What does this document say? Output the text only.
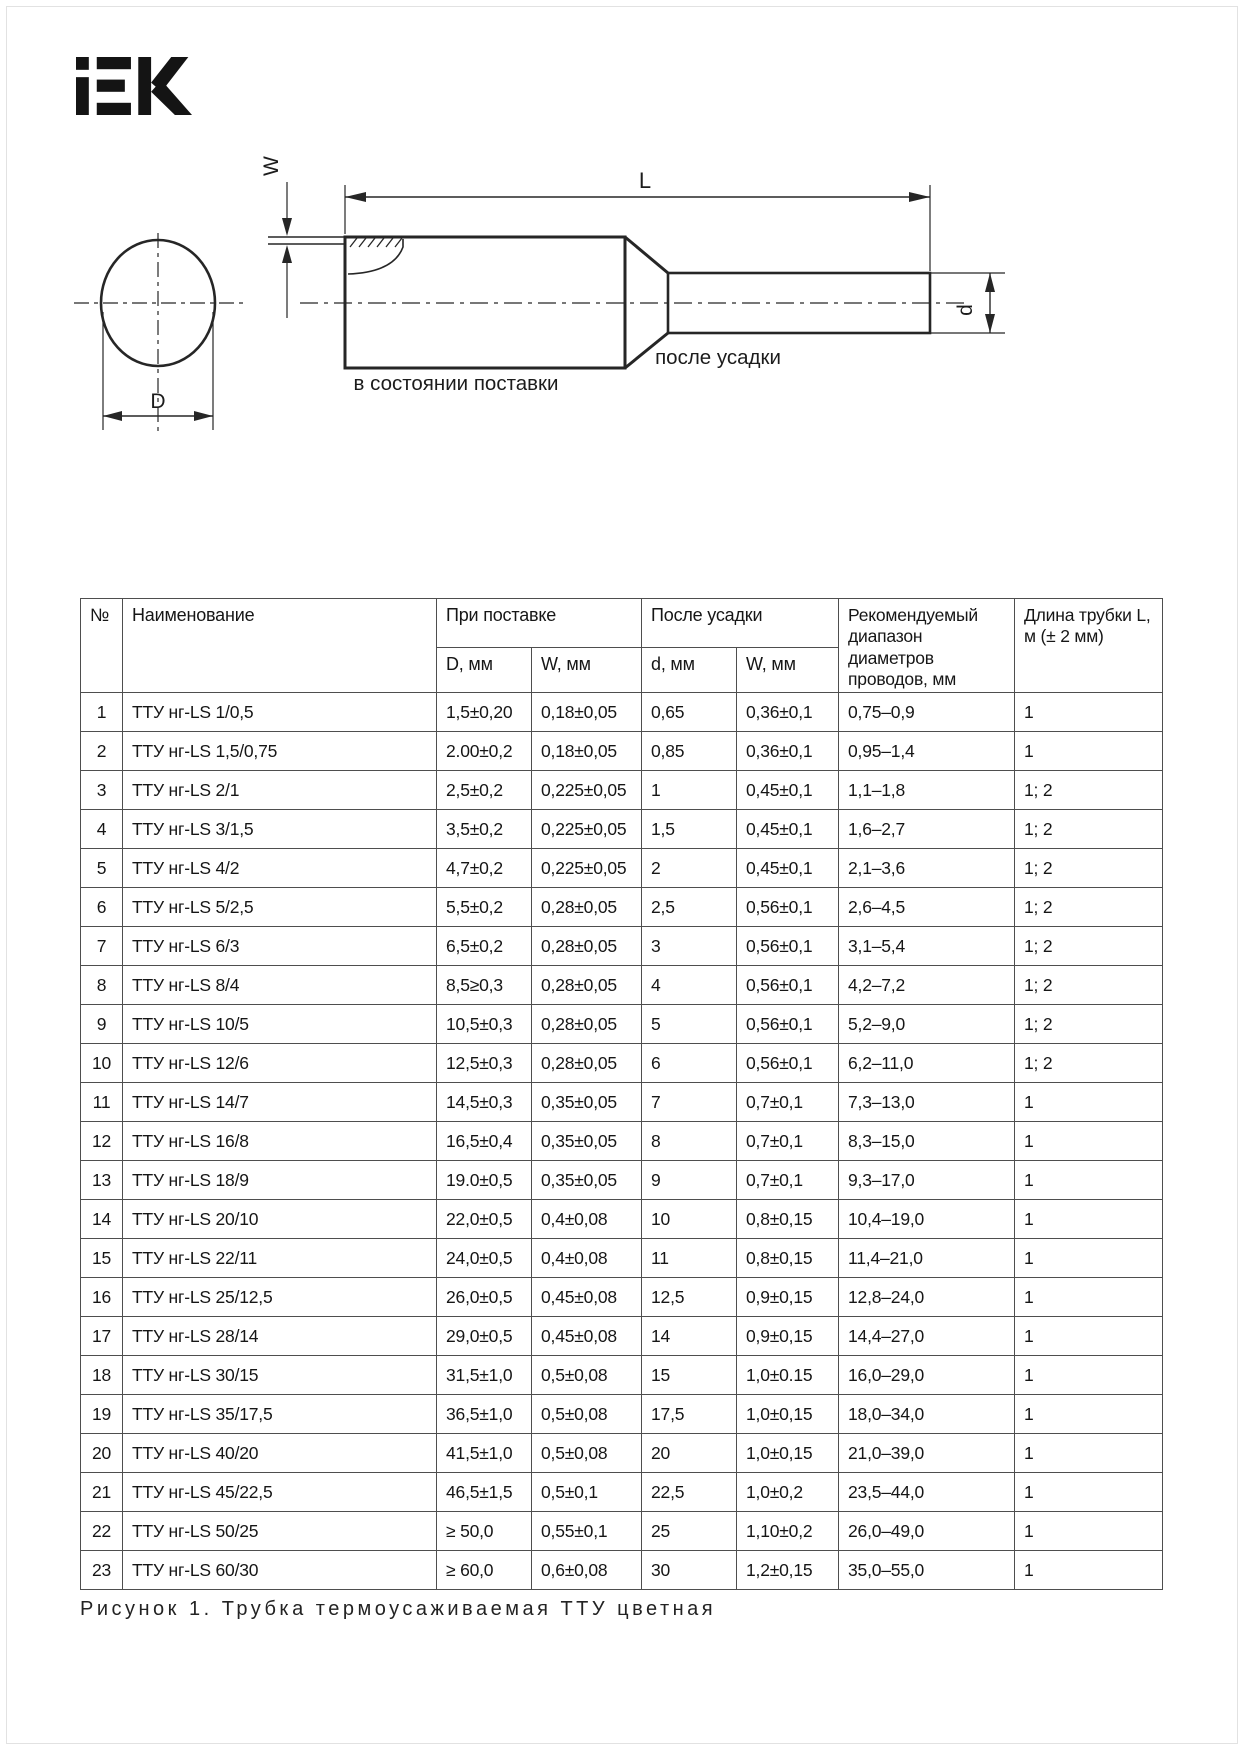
W
L
D
d
в состоянии поставки
после усадки
№	Наименование	При поставке		После усадки		Рекомендуемый диапазон диаметров проводов, мм	Длина трубки L, м (± 2 мм)
		D, мм	W, мм	d, мм	W, мм		
1	ТТУ нг-LS 1/0,5	1,5±0,20	0,18±0,05	0,65	0,36±0,1	0,75–0,9	1
2	ТТУ нг-LS 1,5/0,75	2.00±0,2	0,18±0,05	0,85	0,36±0,1	0,95–1,4	1
3	ТТУ нг-LS 2/1	2,5±0,2	0,225±0,05	1	0,45±0,1	1,1–1,8	1; 2
4	ТТУ нг-LS 3/1,5	3,5±0,2	0,225±0,05	1,5	0,45±0,1	1,6–2,7	1; 2
5	ТТУ нг-LS 4/2	4,7±0,2	0,225±0,05	2	0,45±0,1	2,1–3,6	1; 2
6	ТТУ нг-LS 5/2,5	5,5±0,2	0,28±0,05	2,5	0,56±0,1	2,6–4,5	1; 2
7	ТТУ нг-LS 6/3	6,5±0,2	0,28±0,05	3	0,56±0,1	3,1–5,4	1; 2
8	ТТУ нг-LS 8/4	8,5≥0,3	0,28±0,05	4	0,56±0,1	4,2–7,2	1; 2
9	ТТУ нг-LS 10/5	10,5±0,3	0,28±0,05	5	0,56±0,1	5,2–9,0	1; 2
10	ТТУ нг-LS 12/6	12,5±0,3	0,28±0,05	6	0,56±0,1	6,2–11,0	1; 2
11	ТТУ нг-LS 14/7	14,5±0,3	0,35±0,05	7	0,7±0,1	7,3–13,0	1
12	ТТУ нг-LS 16/8	16,5±0,4	0,35±0,05	8	0,7±0,1	8,3–15,0	1
13	ТТУ нг-LS 18/9	19.0±0,5	0,35±0,05	9	0,7±0,1	9,3–17,0	1
14	ТТУ нг-LS 20/10	22,0±0,5	0,4±0,08	10	0,8±0,15	10,4–19,0	1
15	ТТУ нг-LS 22/11	24,0±0,5	0,4±0,08	11	0,8±0,15	11,4–21,0	1
16	ТТУ нг-LS 25/12,5	26,0±0,5	0,45±0,08	12,5	0,9±0,15	12,8–24,0	1
17	ТТУ нг-LS 28/14	29,0±0,5	0,45±0,08	14	0,9±0,15	14,4–27,0	1
18	ТТУ нг-LS 30/15	31,5±1,0	0,5±0,08	15	1,0±0.15	16,0–29,0	1
19	ТТУ нг-LS 35/17,5	36,5±1,0	0,5±0,08	17,5	1,0±0,15	18,0–34,0	1
20	ТТУ нг-LS 40/20	41,5±1,0	0,5±0,08	20	1,0±0,15	21,0–39,0	1
21	ТТУ нг-LS 45/22,5	46,5±1,5	0,5±0,1	22,5	1,0±0,2	23,5–44,0	1
22	ТТУ нг-LS 50/25	≥ 50,0	0,55±0,1	25	1,10±0,2	26,0–49,0	1
23	ТТУ нг-LS 60/30	≥ 60,0	0,6±0,08	30	1,2±0,15	35,0–55,0	1
Рисунок 1. Трубка термоусаживаемая ТТУ цветная
